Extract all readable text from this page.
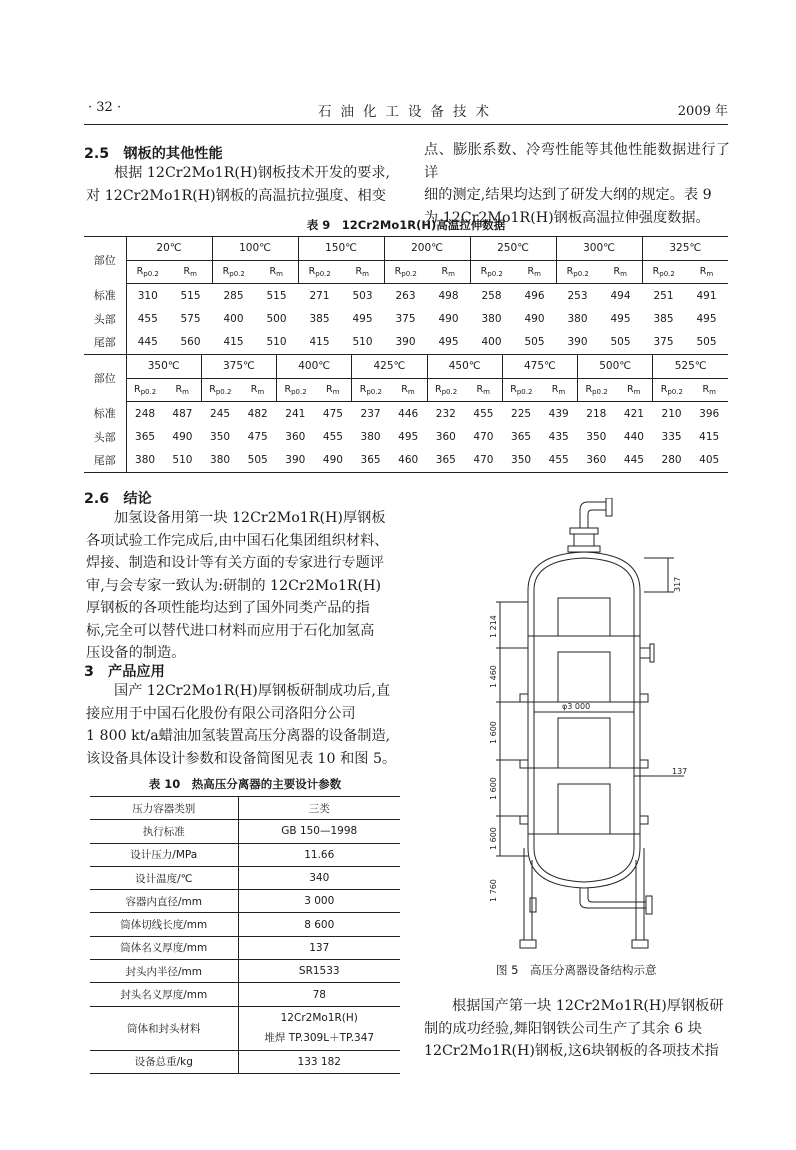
· 32 ·	石油化工设备技术	2009 年
2.5　钢板的其他性能
根据 12Cr2Mo1R(H)钢板技术开发的要求,
对 12Cr2Mo1R(H)钢板的高温抗拉强度、相变
点、膨胀系数、冷弯性能等其他性能数据进行了详
细的测定,结果均达到了研发大纲的规定。表 9
为 12Cr2Mo1R(H)钢板高温拉伸强度数据。
表 9　12Cr2Mo1R(H)高温拉伸数据
部位	20℃		100℃		150℃		200℃		250℃		300℃		325℃	
	$R_{p0.2}$	$R_m$	$R_{p0.2}$	$R_m$	$R_{p0.2}$	$R_m$	$R_{p0.2}$	$R_m$	$R_{p0.2}$	$R_m$	$R_{p0.2}$	$R_m$	$R_{p0.2}$	$R_m$
标准	310	515	285	515	271	503	263	498	258	496	253	494	251	491
头部	455	575	400	500	385	495	375	490	380	490	380	495	385	495
尾部	445	560	415	510	415	510	390	495	400	505	390	505	375	505
部位	350℃		375℃		400℃		425℃		450℃		475℃		500℃		525℃	
	$R_{p0.2}$	$R_m$	$R_{p0.2}$	$R_m$	$R_{p0.2}$	$R_m$	$R_{p0.2}$	$R_m$	$R_{p0.2}$	$R_m$	$R_{p0.2}$	$R_m$	$R_{p0.2}$	$R_m$	$R_{p0.2}$	$R_m$
标准	248	487	245	482	241	475	237	446	232	455	225	439	218	421	210	396
头部	365	490	350	475	360	455	380	495	360	470	365	435	350	440	335	415
尾部	380	510	380	505	390	490	365	460	365	470	350	455	360	445	280	405
2.6　结论
加氢设备用第一块 12Cr2Mo1R(H)厚钢板
各项试验工作完成后,由中国石化集团组织材料、
焊接、制造和设计等有关方面的专家进行专题评
审,与会专家一致认为:研制的 12Cr2Mo1R(H)
厚钢板的各项性能均达到了国外同类产品的指
标,完全可以替代进口材料而应用于石化加氢高
压设备的制造。
3　产品应用
国产 12Cr2Mo1R(H)厚钢板研制成功后,直
接应用于中国石化股份有限公司洛阳分公司
1 800 kt/a蜡油加氢装置高压分离器的设备制造,
该设备具体设计参数和设备简图见表 10 和图 5。
表 10　热高压分离器的主要设计参数
压力容器类别	三类
执行标准	GB 150—1998
设计压力/MPa	11.66
设计温度/℃	340
容器内直径/mm	3 000
筒体切线长度/mm	8 600
筒体名义厚度/mm	137
封头内半径/mm	SR1533
封头名义厚度/mm	78
筒体和封头材料	12Cr2Mo1R(H)
堆焊 TP.309L＋TP.347

设备总重/kg	133 182
1 214
1 460
1 600
1 600
1 600
1 760
317
137
φ3 000
图 5　高压分离器设备结构示意
根据国产第一块 12Cr2Mo1R(H)厚钢板研
制的成功经验,舞阳钢铁公司生产了其余 6 块
12Cr2Mo1R(H)钢板,这6块钢板的各项技术指
